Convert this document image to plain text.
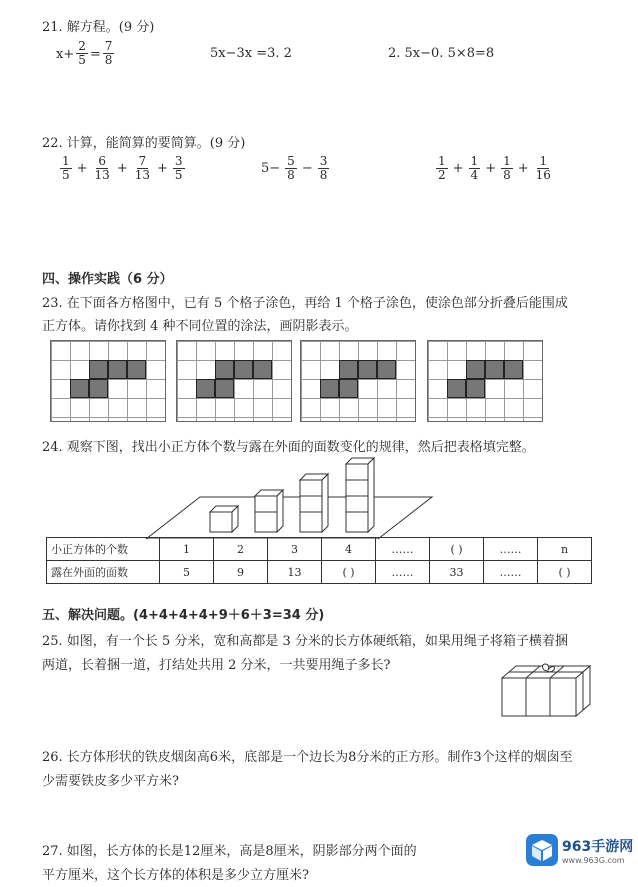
21. 解方程。(9 分)
$x+ \frac{2}{5} = \frac{7}{8}$	5x−3x =3. 2	2. 5x−0. 5×8=8
22. 计算，能简算的要简算。(9 分)
$\frac{1}{5} + \frac{6}{13} + \frac{7}{13} + \frac{3}{5}$	$5- \frac{5}{8} - \frac{3}{8}$	$\frac{1}{2} + \frac{1}{4} + \frac{1}{8} + \frac{1}{16}$
四、操作实践（6 分）
23. 在下面各方格图中，已有 5 个格子涂色，再给 1 个格子涂色，使涂色部分折叠后能围成
正方体。请你找到 4 种不同位置的涂法，画阴影表示。
24. 观察下图，找出小正方体个数与露在外面的面数变化的规律，然后把表格填完整。
小正方体的个数	1	2	3	4	……	( )	……	n
露在外面的面数	5	9	13	( )	……	33	……	( )
五、解决问题。(4+4+4+4+9＋6＋3=34 分)
25. 如图，有一个长 5 分米，宽和高都是 3 分米的长方体硬纸箱，如果用绳子将箱子横着捆
两道，长着捆一道，打结处共用 2 分米，一共要用绳子多长?
26. 长方体形状的铁皮烟囱高6米，底部是一个边长为8分米的正方形。制作3个这样的烟囱至
少需要铁皮多少平方米?
27. 如图，长方体的长是12厘米，高是8厘米，阴影部分两个面的
平方厘米，这个长方体的体积是多少立方厘米?
963手游网
www.963G.com
